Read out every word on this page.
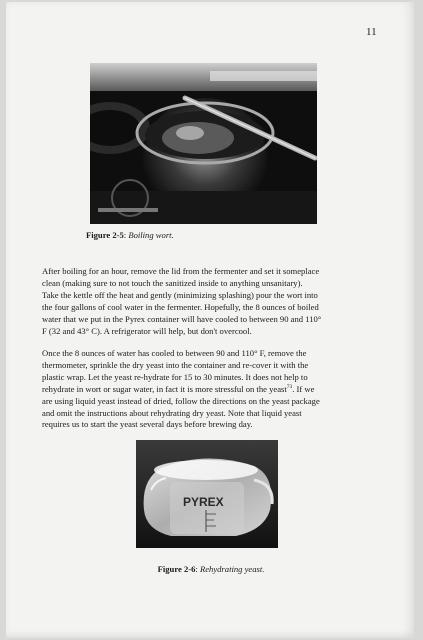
11
Figure 2-5: Boiling wort.
After boiling for an hour, remove the lid from the fermenter and set it someplace
clean (making sure to not touch the sanitized inside to anything unsanitary).
Take the kettle off the heat and gently (minimizing splashing) pour the wort into
the four gallons of cool water in the fermenter. Hopefully, the 8 ounces of boiled
water that we put in the Pyrex container will have cooled to between 90 and 110°
F (32 and 43° C). A refrigerator will help, but don't overcool.
Once the 8 ounces of water has cooled to between 90 and 110° F, remove the
thermometer, sprinkle the dry yeast into the container and re-cover it with the
plastic wrap. Let the yeast re-hydrate for 15 to 30 minutes. It does not help to
rehydrate in wort or sugar water, in fact it is more stressful on the yeast$^{73}$. If we
are using liquid yeast instead of dried, follow the directions on the yeast package
and omit the instructions about rehydrating dry yeast. Note that liquid yeast
requires us to start the yeast several days before brewing day.
PYREX
Figure 2-6: Rehydrating yeast.
